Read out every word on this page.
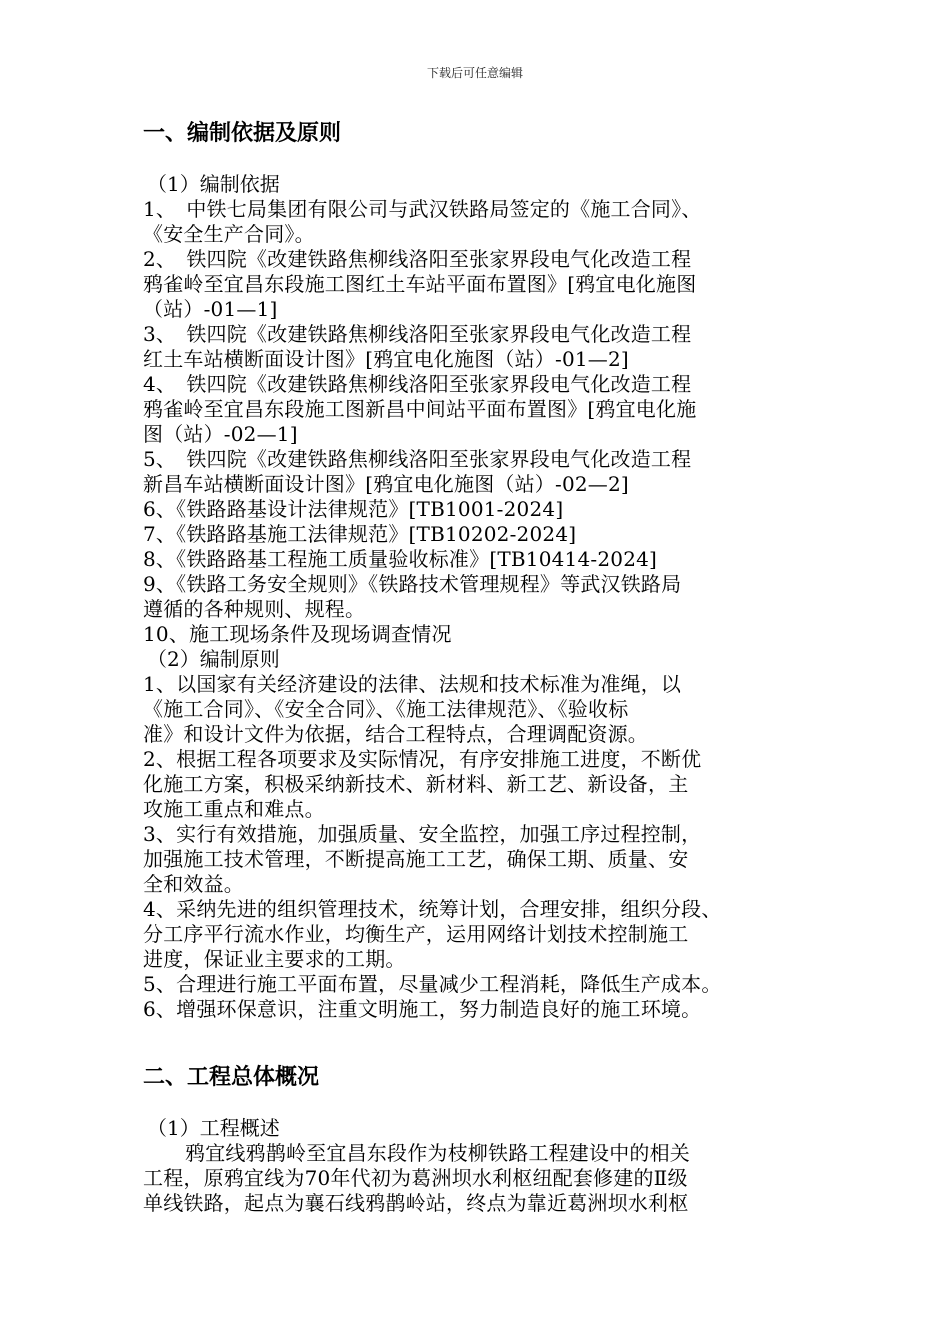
下载后可任意编辑
一、编制依据及原则
（1）编制依据
1、　中铁七局集团有限公司与武汉铁路局签定的《施工合同》、
《安全生产合同》。
2、　铁四院《改建铁路焦柳线洛阳至张家界段电气化改造工程
鸦雀岭至宜昌东段施工图红土车站平面布置图》[鸦宜电化施图
（站）-01—1]
3、　铁四院《改建铁路焦柳线洛阳至张家界段电气化改造工程
红土车站横断面设计图》[鸦宜电化施图（站）-01—2]
4、　铁四院《改建铁路焦柳线洛阳至张家界段电气化改造工程
鸦雀岭至宜昌东段施工图新昌中间站平面布置图》[鸦宜电化施
图（站）-02—1]
5、　铁四院《改建铁路焦柳线洛阳至张家界段电气化改造工程
新昌车站横断面设计图》[鸦宜电化施图（站）-02—2]
6、《铁路路基设计法律规范》[TB1001-2024]
7、《铁路路基施工法律规范》[TB10202-2024]
8、《铁路路基工程施工质量验收标准》[TB10414-2024]
9、《铁路工务安全规则》《铁路技术管理规程》等武汉铁路局
遵循的各种规则、规程。
10、施工现场条件及现场调查情况
（2）编制原则
1、以国家有关经济建设的法律、法规和技术标准为准绳，以
《施工合同》、《安全合同》、《施工法律规范》、《验收标
准》和设计文件为依据，结合工程特点，合理调配资源。
2、根据工程各项要求及实际情况，有序安排施工进度，不断优
化施工方案，积极采纳新技术、新材料、新工艺、新设备，主
攻施工重点和难点。
3、实行有效措施，加强质量、安全监控，加强工序过程控制，
加强施工技术管理，不断提高施工工艺，确保工期、质量、安
全和效益。
4、采纳先进的组织管理技术，统筹计划，合理安排，组织分段、
分工序平行流水作业，均衡生产，运用网络计划技术控制施工
进度，保证业主要求的工期。
5、合理进行施工平面布置，尽量减少工程消耗，降低生产成本。
6、增强环保意识，注重文明施工，努力制造良好的施工环境。
二、工程总体概况
（1）工程概述
鸦宜线鸦鹊岭至宜昌东段作为枝柳铁路工程建设中的相关
工程，原鸦宜线为70年代初为葛洲坝水利枢纽配套修建的Ⅱ级
单线铁路，起点为襄石线鸦鹊岭站，终点为靠近葛洲坝水利枢
